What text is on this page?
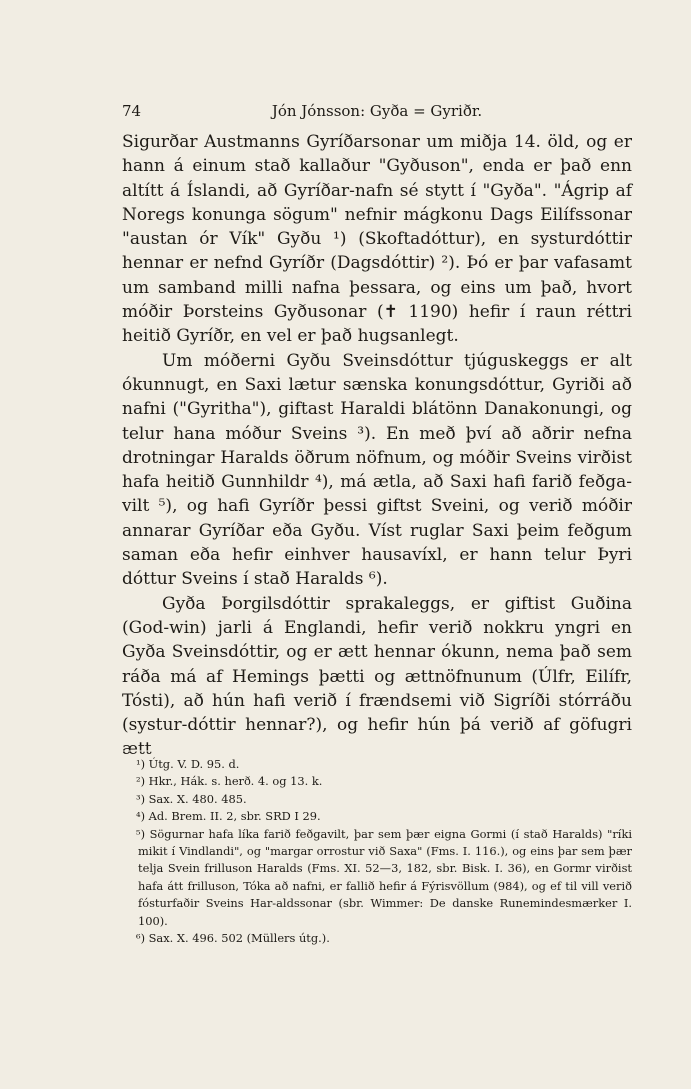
74	Jón Jónsson: Gyða = Gyriðr.

Sigurðar Austmanns Gyríðarsonar um miðja 14. öld, og er hann á einum stað kallaður "Gyðuson", enda er það enn altítt á Íslandi, að Gyríðar-nafn sé stytt í "Gyða". "Ágrip af Noregs konunga sögum" nefnir mágkonu Dags Eilífssonar "austan ór Vík" Gyðu ¹) (Skoftadóttur), en systurdóttir hennar er nefnd Gyríðr (Dagsdóttir) ²). Þó er þar vafasamt um samband milli nafna þessara, og eins um það, hvort móðir Þorsteins Gyðusonar (✝ 1190) hefir í raun réttri heitið Gyríðr, en vel er það hugsanlegt.

Um móðerni Gyðu Sveinsdóttur tjúguskeggs er alt ókunnugt, en Saxi lætur sænska konungsdóttur, Gyriði að nafni ("Gyritha"), giftast Haraldi blátönn Danakonungi, og telur hana móður Sveins ³). En með því að aðrir nefna drotningar Haralds öðrum nöfnum, og móðir Sveins virðist hafa heitið Gunnhildr ⁴), má ætla, að Saxi hafi farið feðga-vilt ⁵), og hafi Gyríðr þessi giftst Sveini, og verið móðir annarar Gyríðar eða Gyðu. Víst ruglar Saxi þeim feðgum saman eða hefir einhver hausavíxl, er hann telur Þyri dóttur Sveins í stað Haralds ⁶).

Gyða Þorgilsdóttir sprakaleggs, er giftist Guðina (God-win) jarli á Englandi, hefir verið nokkru yngri en Gyða Sveinsdóttir, og er ætt hennar ókunn, nema það sem ráða má af Hemings þætti og ættnöfnunum (Úlfr, Eilífr, Tósti), að hún hafi verið í frændsemi við Sigríði stórráðu (systur-dóttir hennar?), og hefir hún þá verið af göfugri ætt

¹) Útg. V. D. 95. d.

²) Hkr., Hák. s. herð. 4. og 13. k.

³) Sax. X. 480. 485.

⁴) Ad. Brem. II. 2, sbr. SRD I 29.

⁵) Sögurnar hafa líka farið feðgavilt, þar sem þær eigna Gormi (í stað Haralds) "ríki mikit í Vindlandi", og "margar orrostur við Saxa" (Fms. I. 116.), og eins þar sem þær telja Svein frilluson Haralds (Fms. XI. 52—3, 182, sbr. Bisk. I. 36), en Gormr virðist hafa átt frilluson, Tóka að nafni, er fallið hefir á Fýrisvöllum (984), og ef til vill verið fósturfaðir Sveins Har-aldssonar (sbr. Wimmer: De danske Runemindesmærker I. 100).

⁶) Sax. X. 496. 502 (Müllers útg.).
